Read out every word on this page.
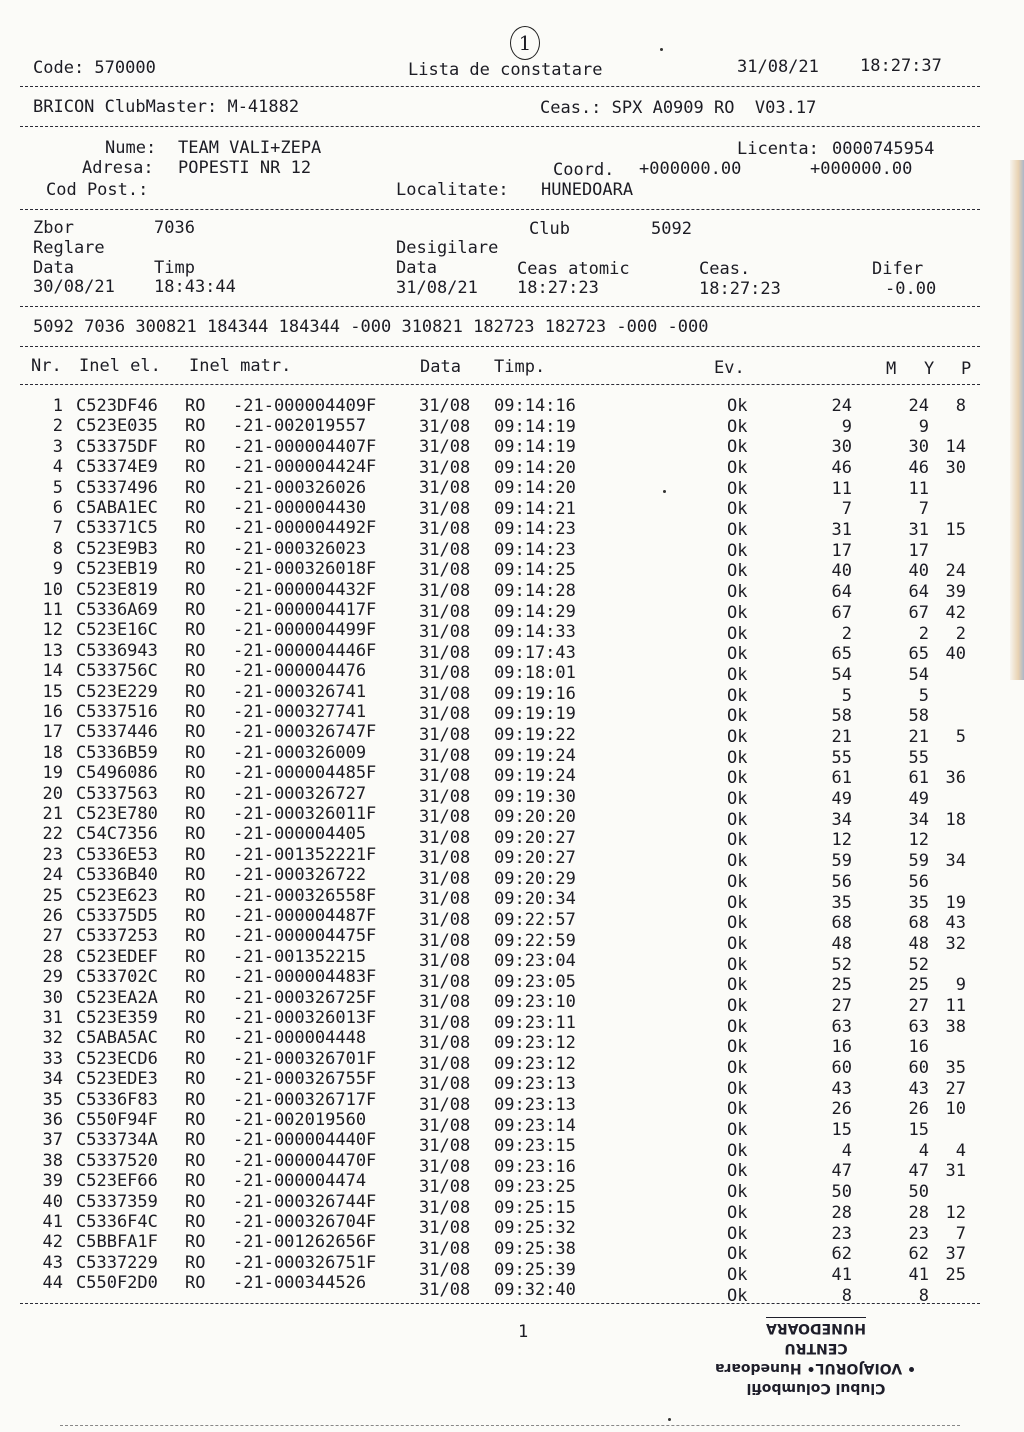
1
Code: 570000	Lista de constatare	31/08/21 18:27:37
BRICON ClubMaster: M-41882	Ceas.: SPX A0909 RO  V03.17
Nume: TEAM VALI+ZEPA	Licenta: 0000745954
Adresa: POPESTI NR 12	Coord. +000000.00	+000000.00
Cod Post.:	Localitate: HUNEDOARA
Zbor	7036	Club	5092
Reglare	Desigilare
Data	Timp	Data	Ceas atomic	Ceas.	Difer
30/08/21 18:43:44	31/08/21 18:27:23	18:27:23	-0.00
5092 7036 300821 184344 184344 -000 310821 182723 182723 -000 -000
Nr. Inel el. Inel matr.	Data Timp.	Ev.	M Y P
1 C523DF46 RO -21-000004409F	31/08 09:14:16	Ok	24	24 8
2 C523E035 RO -21-002019557	31/08 09:14:19	Ok	9	9
3 C53375DF RO -21-000004407F	31/08 09:14:19	Ok	30	30 14
4 C53374E9 RO -21-000004424F	31/08 09:14:20	Ok	46	46 30
5 C5337496 RO -21-000326026	31/08 09:14:20	Ok	11	11
6 C5ABA1EC RO -21-000004430	31/08 09:14:21	Ok	7	7
7 C53371C5 RO -21-000004492F	31/08 09:14:23	Ok	31	31 15
8 C523E9B3 RO -21-000326023	31/08 09:14:23	Ok	17	17
9 C523EB19 RO -21-000326018F	31/08 09:14:25	Ok	40	40 24
10 C523E819 RO -21-000004432F	31/08 09:14:28	Ok	64	64 39
11 C5336A69 RO -21-000004417F	31/08 09:14:29	Ok	67	67 42
12 C523E16C RO -21-000004499F	31/08 09:14:33	Ok	2	2 2
13 C5336943 RO -21-000004446F	31/08 09:17:43	Ok	65	65 40
14 C533756C RO -21-000004476	31/08 09:18:01	Ok	54	54
15 C523E229 RO -21-000326741	31/08 09:19:16	Ok	5	5
16 C5337516 RO -21-000327741	31/08 09:19:19	Ok	58	58
17 C5337446 RO -21-000326747F	31/08 09:19:22	Ok	21	21 5
18 C5336B59 RO -21-000326009	31/08 09:19:24	Ok	55	55
19 C5496086 RO -21-000004485F	31/08 09:19:24	Ok	61	61 36
20 C5337563 RO -21-000326727	31/08 09:19:30	Ok	49	49
21 C523E780 RO -21-000326011F	31/08 09:20:20	Ok	34	34 18
22 C54C7356 RO -21-000004405	31/08 09:20:27	Ok	12	12
23 C5336E53 RO -21-001352221F	31/08 09:20:27	Ok	59	59 34
24 C5336B40 RO -21-000326722	31/08 09:20:29	Ok	56	56
25 C523E623 RO -21-000326558F	31/08 09:20:34	Ok	35	35 19
26 C53375D5 RO -21-000004487F	31/08 09:22:57	Ok	68	68 43
27 C5337253 RO -21-000004475F	31/08 09:22:59	Ok	48	48 32
28 C523EDEF RO -21-001352215	31/08 09:23:04	Ok	52	52
29 C533702C RO -21-000004483F	31/08 09:23:05	Ok	25	25 9
30 C523EA2A RO -21-000326725F	31/08 09:23:10	Ok	27	27 11
31 C523E359 RO -21-000326013F	31/08 09:23:11	Ok	63	63 38
32 C5ABA5AC RO -21-000004448	31/08 09:23:12	Ok	16	16
33 C523ECD6 RO -21-000326701F	31/08 09:23:12	Ok	60	60 35
34 C523EDE3 RO -21-000326755F	31/08 09:23:13	Ok	43	43 27
35 C5336F83 RO -21-000326717F	31/08 09:23:13	Ok	26	26 10
36 C550F94F RO -21-002019560	31/08 09:23:14	Ok	15	15
37 C533734A RO -21-000004440F	31/08 09:23:15	Ok	4	4 4
38 C5337520 RO -21-000004470F	31/08 09:23:16	Ok	47	47 31
39 C523EF66 RO -21-000004474	31/08 09:23:25	Ok	50	50
40 C5337359 RO -21-000326744F	31/08 09:25:15	Ok	28	28 12
41 C5336F4C RO -21-000326704F	31/08 09:25:32	Ok	23	23 7
42 C5BBFA1F RO -21-001262656F	31/08 09:25:38	Ok	62	62 37
43 C5337229 RO -21-000326751F	31/08 09:25:39	Ok	41	41 25
44 C550F2D0 RO -21-000344526	31/08 09:32:40	Ok	8	8
1
Clubul Columbofil
• VOIAJORUL• Hunedoara
CENTRU
HUNEDOARA
